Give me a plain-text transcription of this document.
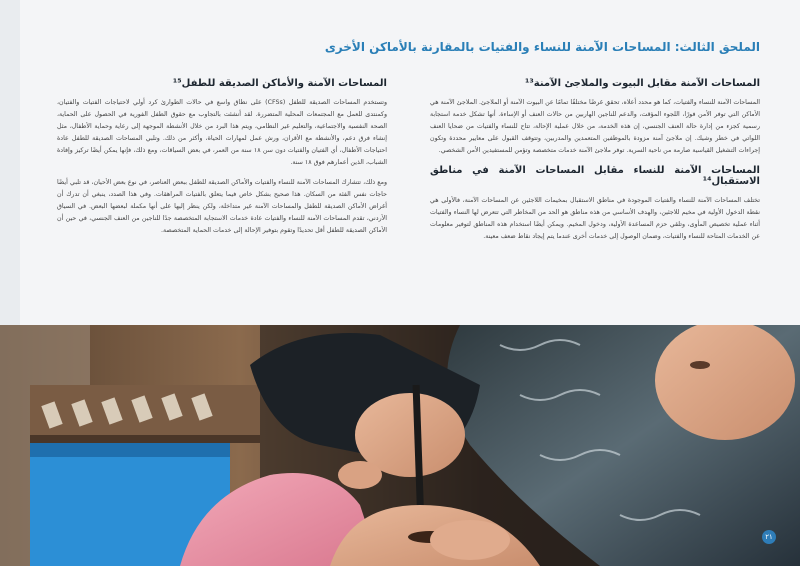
الملحق الثالث: المساحات الآمنة للنساء والفتيات بالمقارنة بالأماكن الأخرى
المساحات الآمنة مقابل البيوت والملاجئ الآمنة¹³
المساحات الآمنة للنساء والفتيات، كما هو محدد أعلاه، تحقق غرضًا مختلفًا تمامًا عن البيوت الآمنة أو الملاجئ. الملاجئ الآمنة هي الأماكن التي توفر الأمن فورًا، اللجوء المؤقت، والدعم للناجين الهاربين من حالات العنف أو الإساءة. أنها تشكل خدمة استجابة رسمية كجزء من إدارة حالة العنف الجنسي، إن هذه الخدمة، من خلال عملية الإحالة، تتاح للنساء والفتيات من ضحايا العنف اللواتي في خطر وشيك. إن ملاجئ آمنة مزودة بالموظفين المتعمدين والمدربين، وتتوقف القبول على معايير محددة وتكون إجراءات التشغيل القياسية صارمة من ناحية السرية. توفر ملاجئ الآمنة خدمات متخصصة وتؤمن للمستفيدين الأمن الشخصي.
المساحات الآمنة للنساء مقابل المساحات الآمنة في مناطق الاستقبال¹⁴
تختلف المساحات الآمنة للنساء والفتيات الموجودة في مناطق الاستقبال بمخيمات اللاجئين عن المساحات الآمنة، فالأولى هي نقطة الدخول الأولية في مخيم للاجئين، والهدف الأساسي من هذه مناطق هو الحد من المخاطر التي تتعرض لها النساء والفتيات أثناء عملية تخصيص المأوى، وتلقي حزم المساعدة الأولية، ودخول المخيم. ويمكن أيضًا استخدام هذه المناطق لتوفير معلومات عن الخدمات المتاحة للنساء والفتيات، وضمان الوصول إلى خدمات أخرى عندما يتم إيجاد نقاط ضعف معينة.
المساحات الآمنة والأماكن الصديقة للطفل¹⁵
وتستخدم المساحات الصديقة للطفل (CFSs) على نطاق واسع في حالات الطوارئ كرد أولي لاحتياجات الفتيات والفتيان، وكمنتدى للعمل مع المجتمعات المحلية المتضررة. لقد أنشئت بالتجاوب مع حقوق الطفل الفورية في الحصول على الحماية، الصحة النفسية والاجتماعية، والتعليم غير النظامي، ويتم هذا البرد من خلال الأنشطة الموجهة إلى رعاية وحماية الأطفال، مثل إنشاء فرق دعم، والأنشطة مع الأقران، ورش عمل لمهارات الحياة، وأكثر من ذلك. وتلبي المساحات الصديقة للطفل عادة احتياجات الأطفال، أي الفتيان والفتيات دون سن ١٨ سنة من العمر، في بعض السياقات، ومع ذلك، فإنها يمكن أيضًا تركيز وإفادة الشباب، الذين أعمارهم فوق ١٨ سنة.
ومع ذلك، تتشارك المساحات الآمنة للنساء والفتيات والأماكن الصديقة للطفل ببعض العناصر، في نوع بعض الأحيان، قد تلبي أيضًا حاجات نفس الفئة من السكان. هذا صحيح بشكل خاص فيما يتعلق بالفتيات المراهقات. وفي هذا الصدد، ينبغي أن تدرك أن أغراض الأماكن الصديقة للطفل والمساحات الآمنة غير متداخلة، ولكن ينظر إليها على أنها مكملة لبعضها البعض. في السياق الأردني، تقدم المساحات الآمنة للنساء والفتيات عادة خدمات الاستجابة المتخصصة جدًا للناجين من العنف الجنسي، في حين أن الأماكن الصديقة للطفل أقل تحديدًا وتقوم بتوفير الإحالة إلى خدمات الحماية المتخصصة.
٢١
